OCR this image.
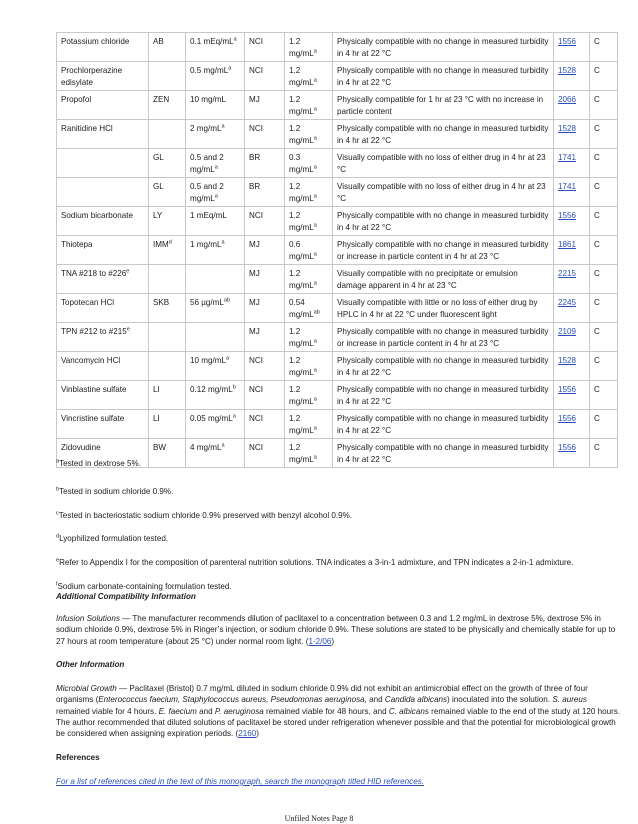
Potassium chloride	AB	0.1 mEq/$mL^a$	NCI	1.2 $mg/mL^a$	Physically compatible with no change in measured turbidity in 4 hr at 22 °C	1556	C
Prochlorperazine edisylate		0.5 $mg/mL^a$	NCI	1.2 $mg/mL^a$	Physically compatible with no change in measured turbidity in 4 hr at 22 °C	1528	C
Propofol	ZEN	10 mg/mL	MJ	1.2 $mg/mL^a$	Physically compatible for 1 hr at 23 °C with no increase in particle content	2066	C
Ranitidine HCl		2 $mg/mL^a$	NCI	1.2 $mg/mL^a$	Physically compatible with no change in measured turbidity in 4 hr at 22 °C	1528	C
	GL	0.5 and 2 $mg/mL^a$	BR	0.3 $mg/mL^a$	Visually compatible with no loss of either drug in 4 hr at 23 °C	1741	C
	GL	0.5 and 2 $mg/mL^a$	BR	1.2 $mg/mL^a$	Visually compatible with no loss of either drug in 4 hr at 23 °C	1741	C
Sodium bicarbonate	LY	1 mEq/mL	NCI	1.2 $mg/mL^a$	Physically compatible with no change in measured turbidity in 4 hr at 22 °C	1556	C
Thiotepa	IMM$^d$	1 $mg/mL^a$	MJ	0.6 $mg/mL^a$	Physically compatible with no change in measured turbidity or increase in particle content in 4 hr at 23 °C	1861	C
TNA #218 to #226e			MJ	1.2 $mg/mL^a$	Visually compatible with no precipitate or emulsion damage apparent in 4 hr at 23 °C	2215	C
Topotecan HCl	SKB	56 $\mu g/mL^{ab}$	MJ	0.54 $mg/mL^{ab}$	Visually compatible with little or no loss of either drug by HPLC in 4 hr at 22 °C under fluorescent light	2245	C
TPN #212 to #215e			MJ	1.2 $mg/mL^a$	Physically compatible with no change in measured turbidity or increase in particle content in 4 hr at 23 °C	2109	C
Vancomycin HCl		10 $mg/mL^a$	NCI	1.2 $mg/mL^a$	Physically compatible with no change in measured turbidity in 4 hr at 22 °C	1528	C
Vinblastine sulfate	LI	0.12 $mg/mL^b$	NCI	1.2 $mg/mL^a$	Physically compatible with no change in measured turbidity in 4 hr at 22 °C	1556	C
Vincristine sulfate	LI	0.05 $mg/mL^a$	NCI	1.2 $mg/mL^a$	Physically compatible with no change in measured turbidity in 4 hr at 22 °C	1556	C
Zidovudine	BW	4 $mg/mL^a$	NCI	1.2 $mg/mL^a$	Physically compatible with no change in measured turbidity in 4 hr at 22 °C	1556	C
$^a$Tested in dextrose 5%.
$^b$Tested in sodium chloride 0.9%.
$^c$Tested in bacteriostatic sodium chloride 0.9% preserved with benzyl alcohol 0.9%.
$^d$Lyophilized formulation tested.
$^e$Refer to Appendix I for the composition of parenteral nutrition solutions. TNA indicates a 3-in-1 admixture, and TPN indicates a 2-in-1 admixture.
$^f$Sodium carbonate-containing formulation tested.
Additional Compatibility Information
Infusion Solutions — The manufacturer recommends dilution of paclitaxel to a concentration between 0.3 and 1.2 mg/mL in dextrose 5%, dextrose 5% in sodium chloride 0.9%, dextrose 5% in Ringer’s injection, or sodium chloride 0.9%. These solutions are stated to be physically and chemically stable for up to 27 hours at room temperature (about 25 °C) under normal room light. (1-2/06)
Other Information
Microbial Growth — Paclitaxel (Bristol) 0.7 mg/mL diluted in sodium chloride 0.9% did not exhibit an antimicrobial effect on the growth of three of four organisms (Enterococcus faecium, Staphylococcus aureus, Pseudomonas aeruginosa, and Candida albicans) inoculated into the solution. S. aureus remained viable for 4 hours. E. faecium and P. aeruginosa remained viable for 48 hours, and C. albicans remained viable to the end of the study at 120 hours. The author recommended that diluted solutions of paclitaxel be stored under refrigeration whenever possible and that the potential for microbiological growth be considered when assigning expiration periods. (2160)
References
For a list of references cited in the text of this monograph, search the monograph titled HID references.
Unfiled Notes Page 8
